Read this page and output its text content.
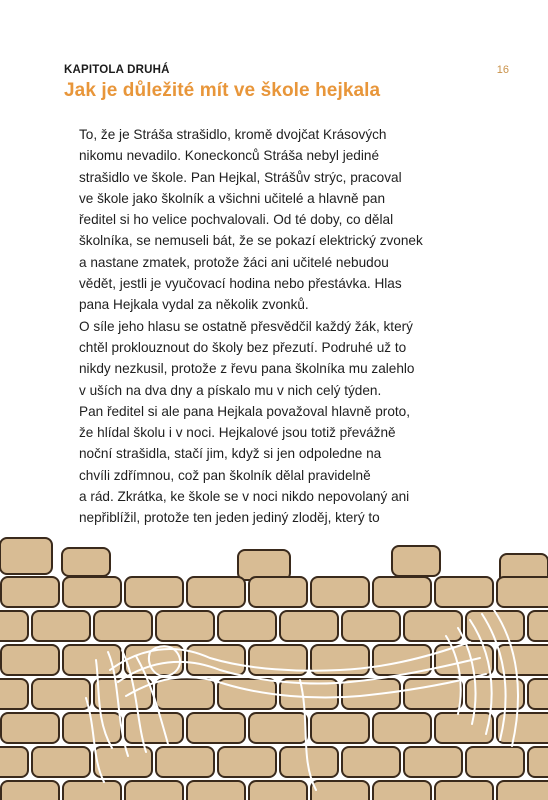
KAPITOLA DRUHÁ	16
Jak je důležité mít ve škole hejkala
To, že je Stráša strašidlo, kromě dvojčat Krásových
nikomu nevadilo. Koneckonců Stráša nebyl jediné
strašidlo ve škole. Pan Hejkal, Strášův strýc, pracoval
ve škole jako školník a všichni učitelé a hlavně pan
ředitel si ho velice pochvalovali. Od té doby, co dělal
školníka, se nemuseli bát, že se pokazí elektrický zvonek
a nastane zmatek, protože žáci ani učitelé nebudou
vědět, jestli je vyučovací hodina nebo přestávka. Hlas
pana Hejkala vydal za několik zvonků.
O síle jeho hlasu se ostatně přesvědčil každý žák, který
chtěl proklouznout do školy bez přezutí. Podruhé už to
nikdy nezkusil, protože z řevu pana školníka mu zalehlo
v uších na dva dny a pískalo mu v nich celý týden.
Pan ředitel si ale pana Hejkala považoval hlavně proto,
že hlídal školu i v noci. Hejkalové jsou totiž převážně
noční strašidla, stačí jim, když si jen odpoledne na
chvíli zdřímnou, což pan školník dělal pravidelně
a rád. Zkrátka, ke škole se v noci nikdo nepovolaný ani
nepřiblížil, protože ten jeden jediný zloděj, který to
